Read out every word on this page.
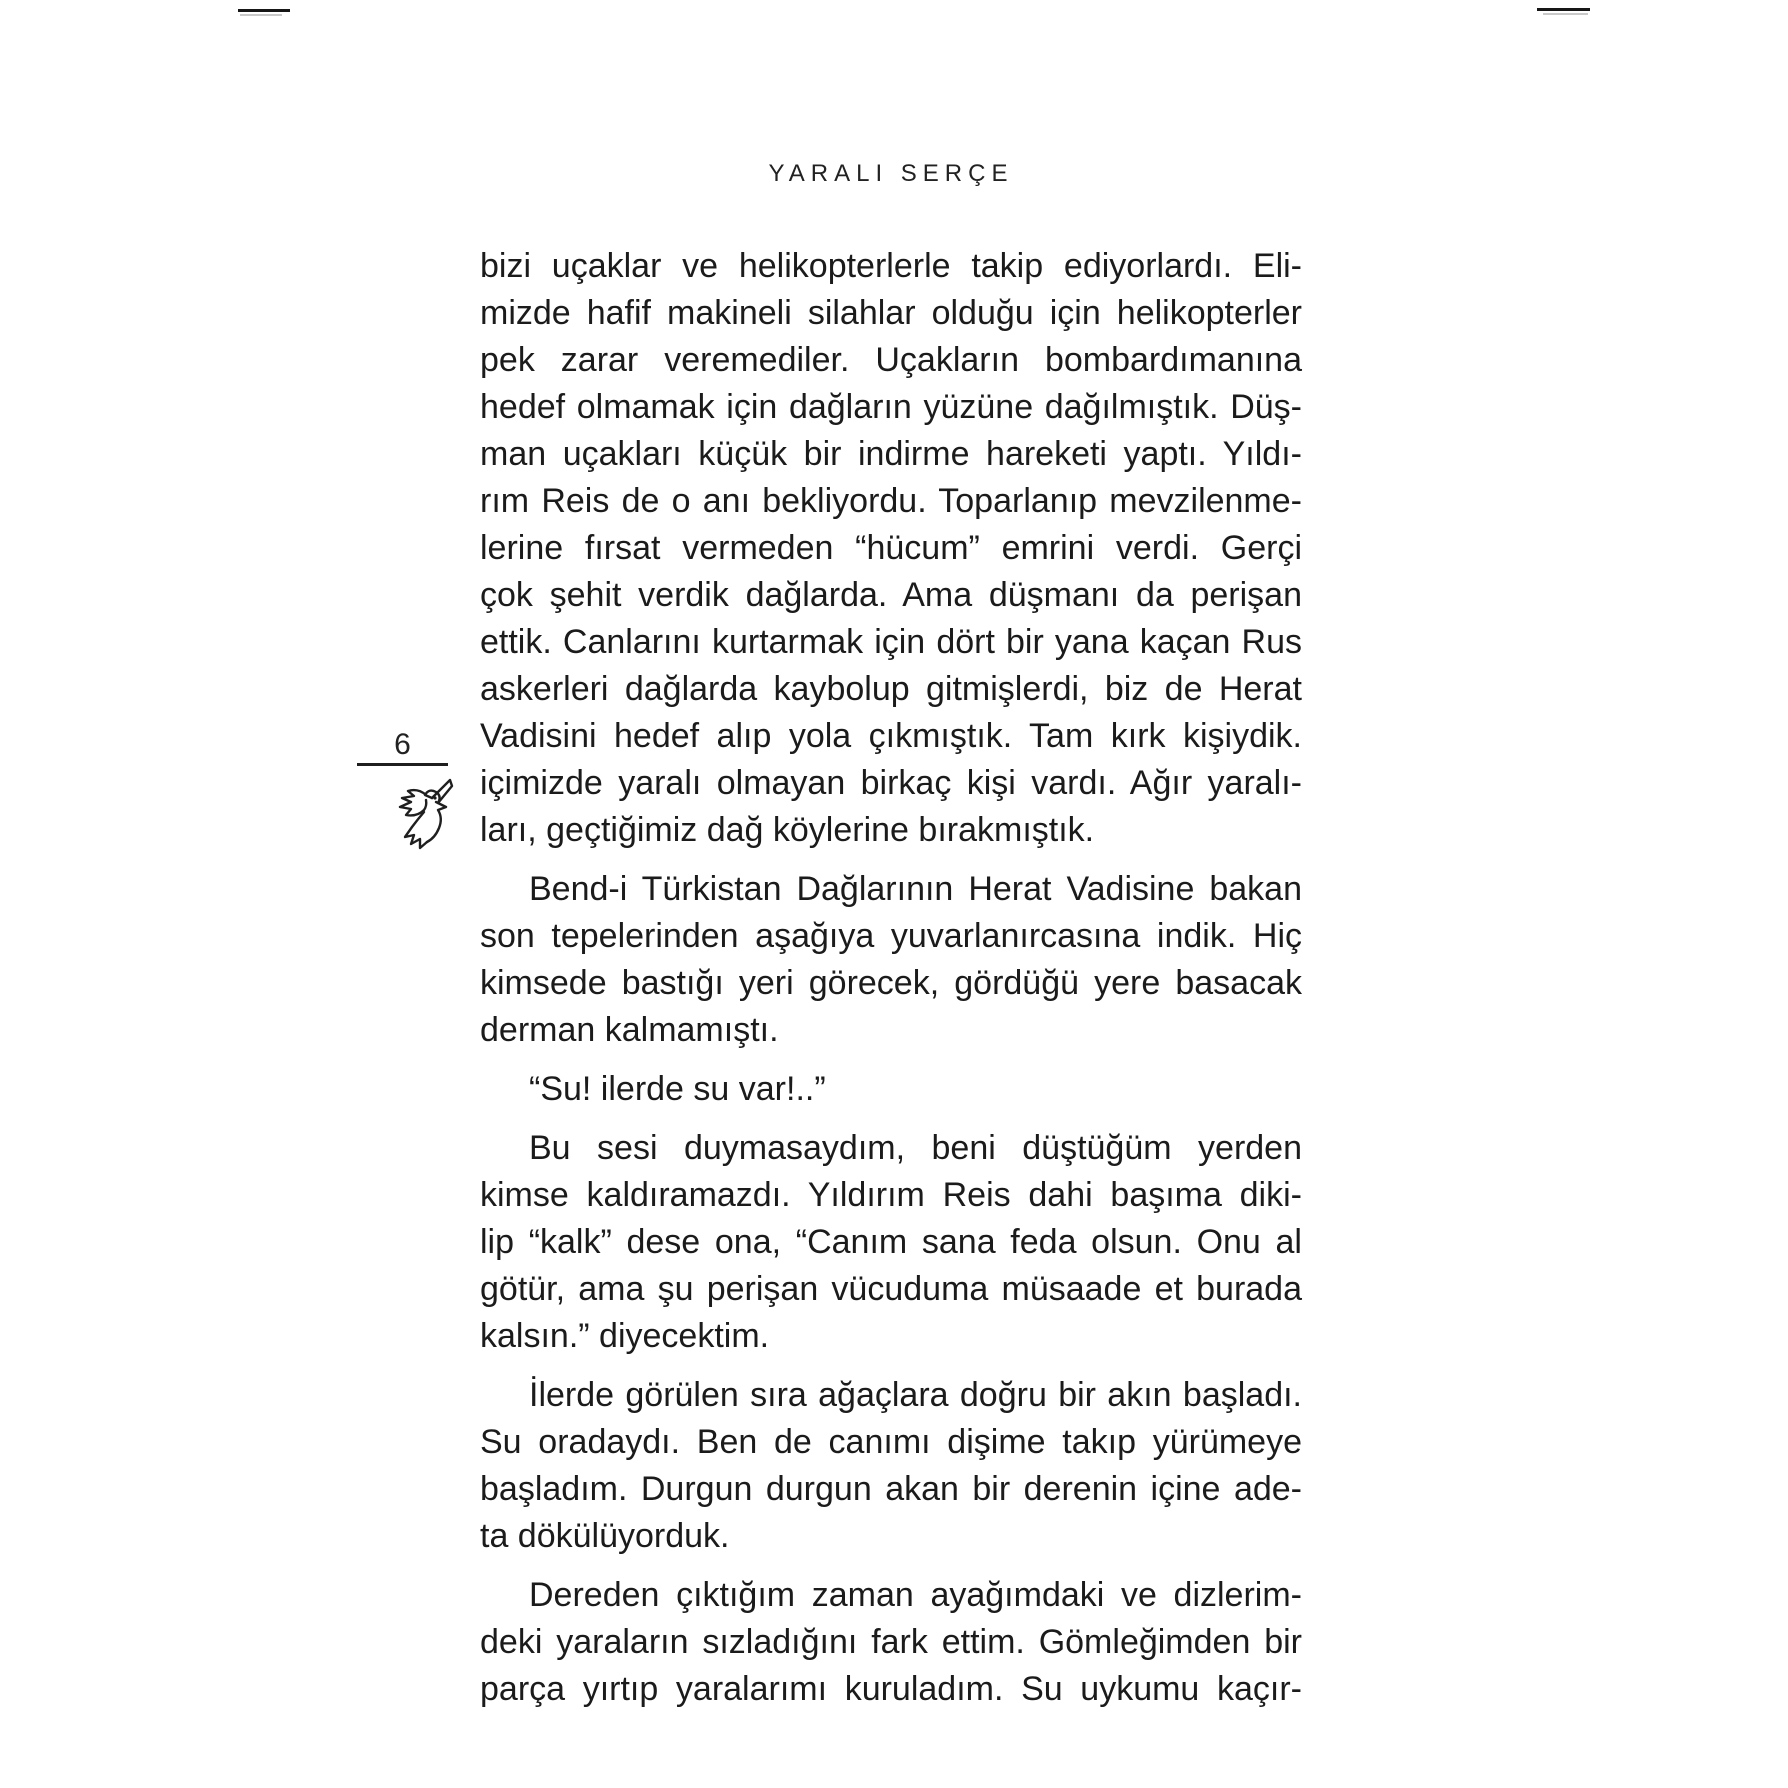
YARALI SERÇE
6
bizi uçaklar ve helikopterlerle takip ediyorlardı. Eli-
mizde hafif makineli silahlar olduğu için helikopterler
pek zarar veremediler. Uçakların bombardımanına
hedef olmamak için dağların yüzüne dağılmıştık. Düş-
man uçakları küçük bir indirme hareketi yaptı. Yıldı-
rım Reis de o anı bekliyordu. Toparlanıp mevzilenme-
lerine fırsat vermeden “hücum” emrini verdi. Gerçi
çok şehit verdik dağlarda. Ama düşmanı da perişan
ettik. Canlarını kurtarmak için dört bir yana kaçan Rus
askerleri dağlarda kaybolup gitmişlerdi, biz de Herat
Vadisini hedef alıp yola çıkmıştık. Tam kırk kişiydik.
içimizde yaralı olmayan birkaç kişi vardı. Ağır yaralı-
ları, geçtiğimiz dağ köylerine bırakmıştık.
Bend-i Türkistan Dağlarının Herat Vadisine bakan
son tepelerinden aşağıya yuvarlanırcasına indik. Hiç
kimsede bastığı yeri görecek, gördüğü yere basacak
derman kalmamıştı.
“Su! ilerde su var!..”
Bu sesi duymasaydım, beni düştüğüm yerden
kimse kaldıramazdı. Yıldırım Reis dahi başıma diki-
lip “kalk” dese ona, “Canım sana feda olsun. Onu al
götür, ama şu perişan vücuduma müsaade et burada
kalsın.” diyecektim.
İlerde görülen sıra ağaçlara doğru bir akın başladı.
Su oradaydı. Ben de canımı dişime takıp yürümeye
başladım. Durgun durgun akan bir derenin içine ade-
ta dökülüyorduk.
Dereden çıktığım zaman ayağımdaki ve dizlerim-
deki yaraların sızladığını fark ettim. Gömleğimden bir
parça yırtıp yaralarımı kuruladım. Su uykumu kaçır-
